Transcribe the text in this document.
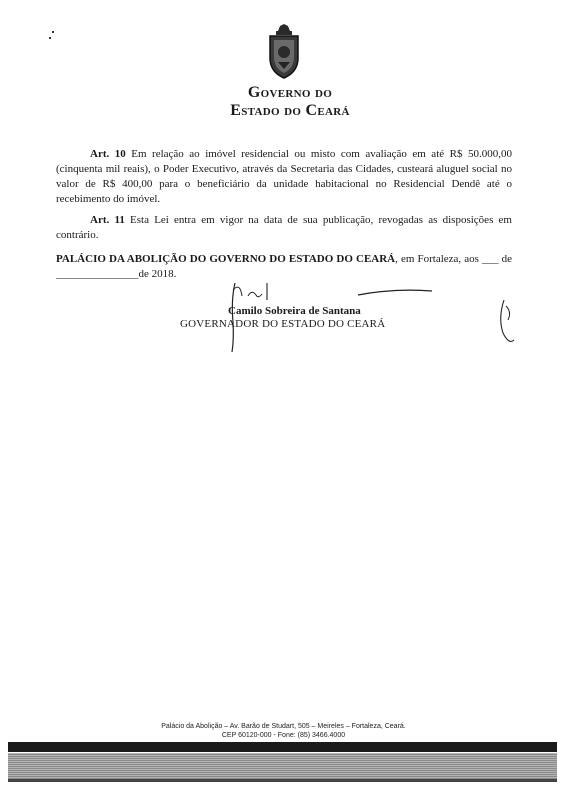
Governo do
Estado do Ceará
Art. 10 Em relação ao imóvel residencial ou misto com avaliação em até R$ 50.000,00 (cinquenta mil reais), o Poder Executivo, através da Secretaria das Cidades, custeará aluguel social no valor de R$ 400,00 para o beneficiário da unidade habitacional no Residencial Dendê até o recebimento do imóvel.
Art. 11 Esta Lei entra em vigor na data de sua publicação, revogadas as disposições em contrário.
PALÁCIO DA ABOLIÇÃO DO GOVERNO DO ESTADO DO CEARÁ, em Fortaleza, aos ___ de _______________de 2018.
Camilo Sobreira de Santana
GOVERNADOR DO ESTADO DO CEARÁ
Palácio da Abolição – Av. Barão de Studart, 505 – Meireles – Fortaleza, Ceará.
CEP 60120-000 - Fone: (85) 3466.4000
